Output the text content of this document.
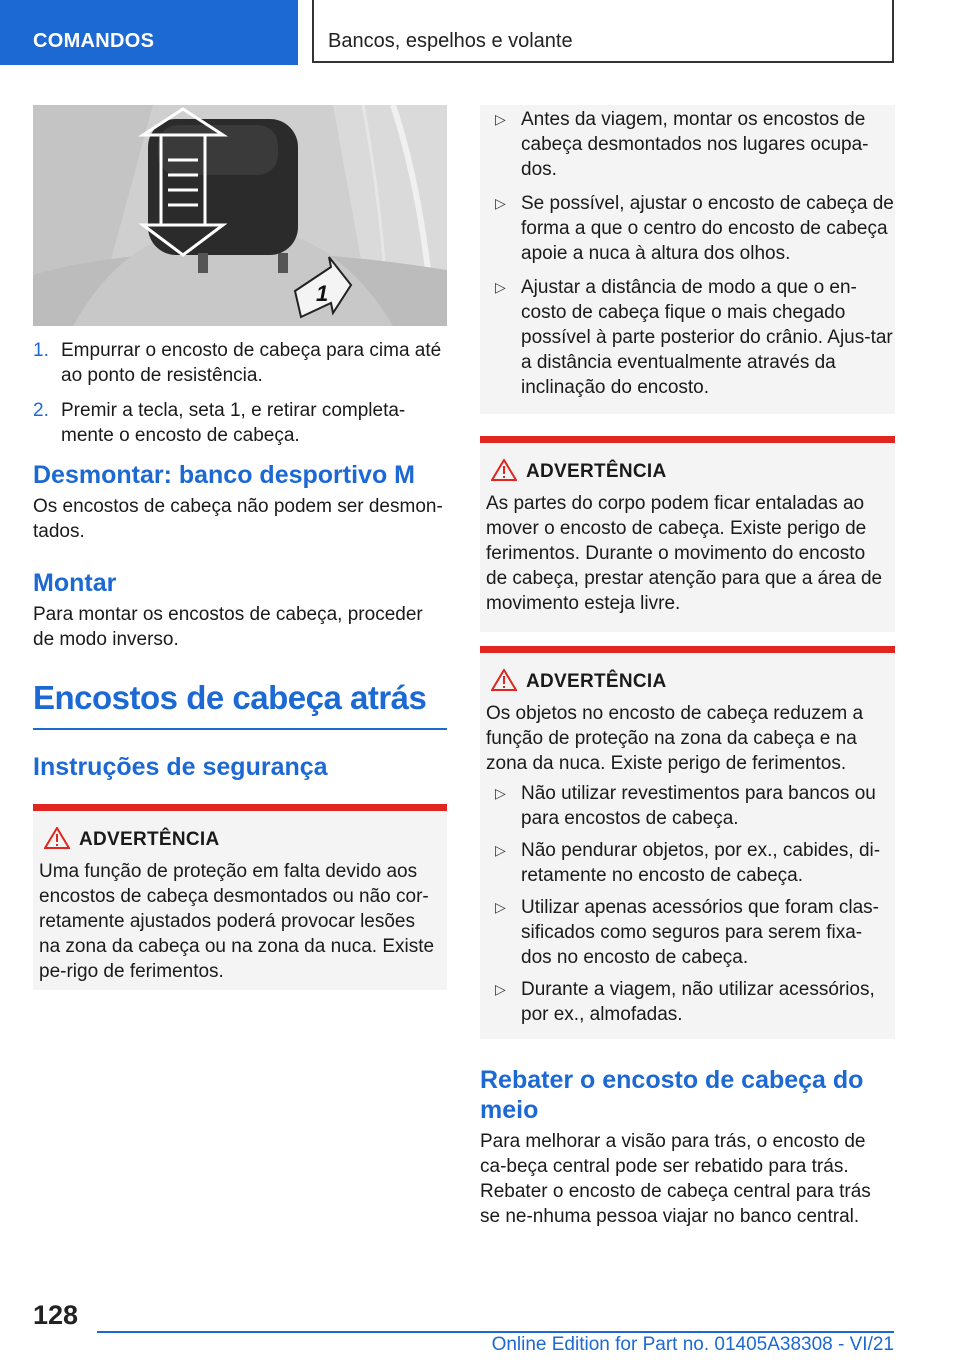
COMANDOS	Bancos, espelhos e volante
1
1. Empurrar o encosto de cabeça para cima até ao ponto de resistência.
2. Premir a tecla, seta 1, e retirar completa‐mente o encosto de cabeça.
Desmontar: banco desportivo M

Os encostos de cabeça não podem ser desmon‐tados.

Montar

Para montar os encostos de cabeça, proceder de modo inverso.

Encostos de cabeça atrás
Instruções de segurança
ADVERTÊNCIA

Uma função de proteção em falta devido aos encostos de cabeça desmontados ou não cor‐retamente ajustados poderá provocar lesões na zona da cabeça ou na zona da nuca. Existe pe‐rigo de ferimentos.

▷ Antes da viagem, montar os encostos de cabeça desmontados nos lugares ocupa‐dos.
▷ Se possível, ajustar o encosto de cabeça de forma a que o centro do encosto de cabeça apoie a nuca à altura dos olhos.
▷ Ajustar a distância de modo a que o en‐costo de cabeça fique o mais chegado possível à parte posterior do crânio. Ajus‐tar a distância eventualmente através da inclinação do encosto.
ADVERTÊNCIA

As partes do corpo podem ficar entaladas ao mover o encosto de cabeça. Existe perigo de ferimentos. Durante o movimento do encosto de cabeça, prestar atenção para que a área de movimento esteja livre.

ADVERTÊNCIA

Os objetos no encosto de cabeça reduzem a função de proteção na zona da cabeça e na zona da nuca. Existe perigo de ferimentos.

▷ Não utilizar revestimentos para bancos ou para encostos de cabeça.
▷ Não pendurar objetos, por ex., cabides, di‐retamente no encosto de cabeça.
▷ Utilizar apenas acessórios que foram clas‐sificados como seguros para serem fixa‐dos no encosto de cabeça.
▷ Durante a viagem, não utilizar acessórios, por ex., almofadas.
Rebater o encosto de cabeça do meio

Para melhorar a visão para trás, o encosto de ca‐beça central pode ser rebatido para trás. Rebater o encosto de cabeça central para trás se ne‐nhuma pessoa viajar no banco central.

128
Online Edition for Part no. 01405A38308 - VI/21
